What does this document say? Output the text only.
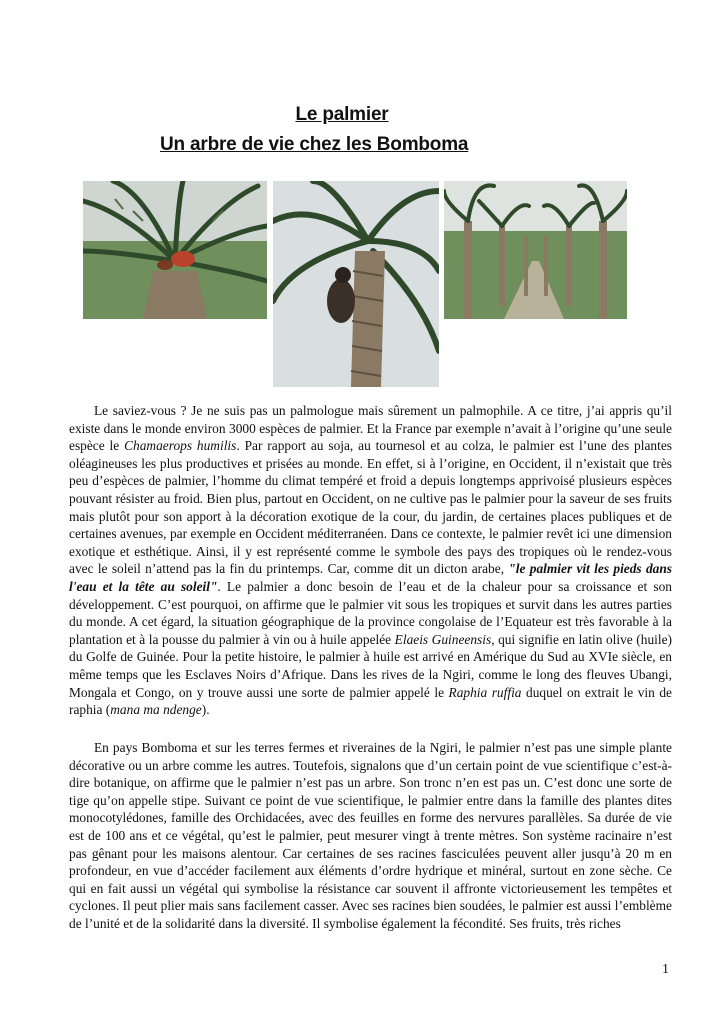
Le palmier
Un arbre de vie chez les Bomboma

Le saviez-vous ? Je ne suis pas un palmologue mais sûrement un palmophile. A ce titre, j’ai appris qu’il existe dans le monde environ 3000 espèces de palmier. Et la France par exemple n’avait à l’origine qu’une seule espèce le Chamaerops humilis. Par rapport au soja, au tournesol et au colza, le palmier est l’une des plantes oléagineuses les plus productives et prisées au monde. En effet, si à l’origine, en Occident, il n’existait que très peu d’espèces de palmier, l’homme du climat tempéré et froid a depuis longtemps apprivoisé plusieurs espèces pouvant résister au froid. Bien plus, partout en Occident, on ne cultive pas le palmier pour la saveur de ses fruits mais plutôt pour son apport à la décoration exotique de la cour, du jardin, de certaines places publiques et de certaines avenues, par exemple en Occident méditerranéen. Dans ce contexte, le palmier revêt ici une dimension exotique et esthétique. Ainsi, il y est représenté comme le symbole des pays des tropiques où le rendez-vous avec le soleil n’attend pas la fin du printemps. Car, comme dit un dicton arabe, "le palmier vit les pieds dans l'eau et la tête au soleil". Le palmier a donc besoin de l’eau et de la chaleur pour sa croissance et son développement. C’est pourquoi, on affirme que le palmier vit sous les tropiques et survit dans les autres parties du monde. A cet égard, la situation géographique de la province congolaise de l’Equateur est très favorable à la plantation et à la pousse du palmier à vin ou à huile appelée Elaeis Guineensis, qui signifie en latin olive (huile) du Golfe de Guinée. Pour la petite histoire, le palmier à huile est arrivé en Amérique du Sud au XVIe siècle, en même temps que les Esclaves Noirs d’Afrique. Dans les rives de la Ngiri, comme le long des fleuves Ubangi, Mongala et Congo, on y trouve aussi une sorte de palmier appelé le Raphia ruffia duquel on extrait le vin de raphia (mana ma ndenge).

En pays Bomboma et sur les terres fermes et riveraines de la Ngiri, le palmier n’est pas une simple plante décorative ou un arbre comme les autres. Toutefois, signalons que d’un certain point de vue scientifique c’est-à-dire botanique, on affirme que le palmier n’est pas un arbre. Son tronc n’en est pas un. C’est donc une sorte de tige qu’on appelle stipe. Suivant ce point de vue scientifique, le palmier entre dans la famille des plantes dites monocotylédones, famille des Orchidacées, avec des feuilles en forme des nervures parallèles. Sa durée de vie est de 100 ans et ce végétal, qu’est le palmier, peut mesurer vingt à trente mètres. Son système racinaire n’est pas gênant pour les maisons alentour. Car certaines de ses racines fasciculées peuvent aller jusqu’à 20 m en profondeur, en vue d’accéder facilement aux éléments d’ordre hydrique et minéral, surtout en zone sèche. Ce qui en fait aussi un végétal qui symbolise la résistance car souvent il affronte victorieusement les tempêtes et cyclones. Il peut plier mais sans facilement casser. Avec ses racines bien soudées, le palmier est aussi l’emblème de l’unité et de la solidarité dans la diversité. Il symbolise également la fécondité. Ses fruits, très riches

1
